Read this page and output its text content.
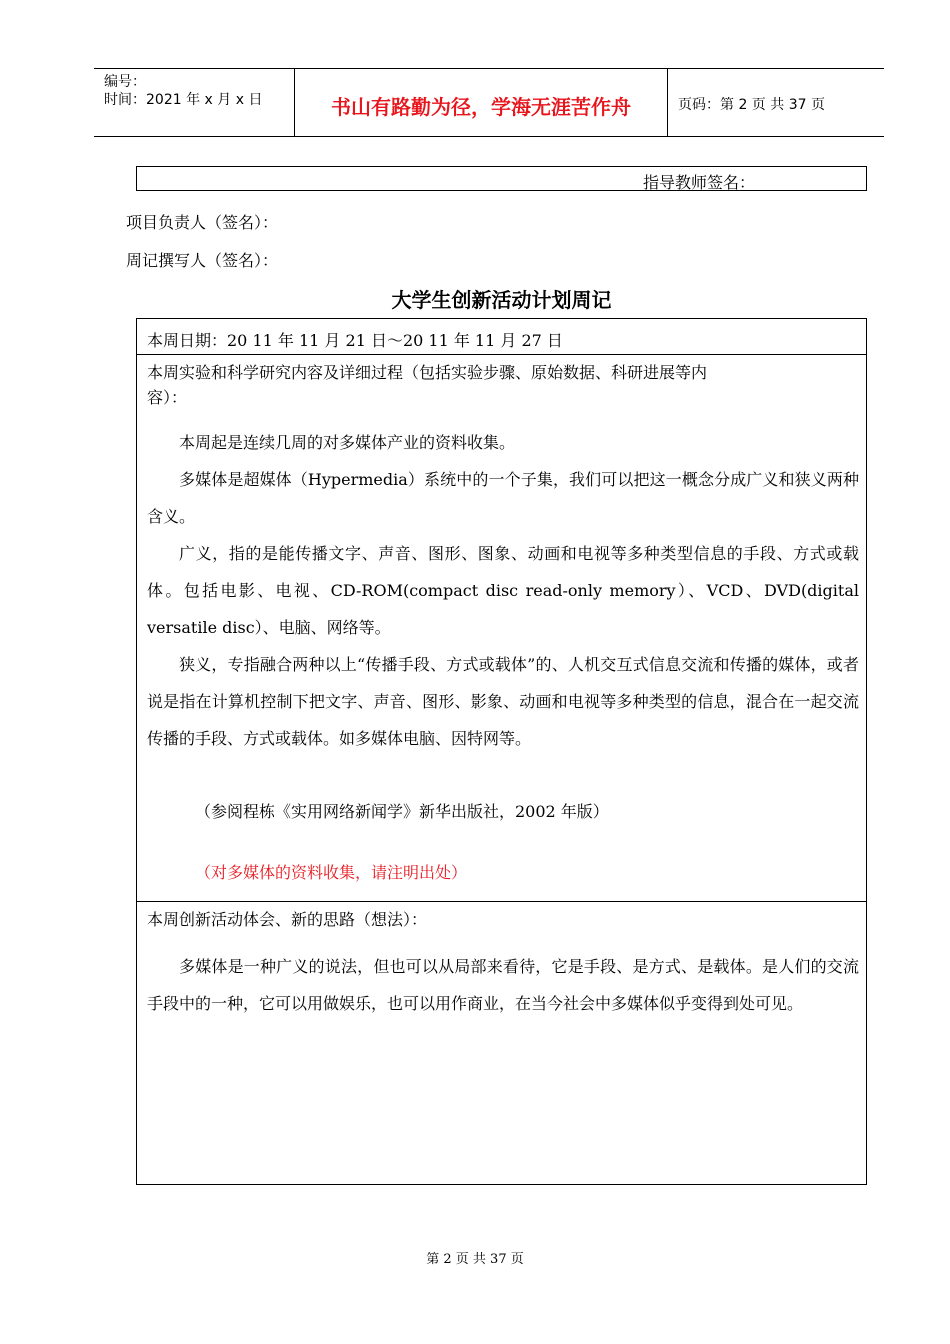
编号：
时间：2021 年 x 月 x 日	书山有路勤为径，学海无涯苦作舟	页码：第 2 页 共 37 页
指导教师签名：
项目负责人（签名）：
周记撰写人（签名）：
大学生创新活动计划周记
本周日期：20 11 年 11 月 21 日～20 11 年 11 月 27 日
本周实验和科学研究内容及详细过程（包括实验步骤、原始数据、科研进展等内
容）：

本周起是连续几周的对多媒体产业的资料收集。

多媒体是超媒体（Hypermedia）系统中的一个子集，我们可以把这一概念分成广义和狭义两种含义。

广义，指的是能传播文字、声音、图形、图象、动画和电视等多种类型信息的手段、方式或载体。包括电影、电视、CD-ROM(compact disc read-only memory）、VCD、DVD(digital versatile disc）、电脑、网络等。

狭义，专指融合两种以上“传播手段、方式或载体”的、人机交互式信息交流和传播的媒体，或者说是指在计算机控制下把文字、声音、图形、影象、动画和电视等多种类型的信息，混合在一起交流传播的手段、方式或载体。如多媒体电脑、因特网等。

（参阅程栋《实用网络新闻学》新华出版社，2002 年版）

（对多媒体的资料收集，请注明出处）

本周创新活动体会、新的思路（想法）：

多媒体是一种广义的说法，但也可以从局部来看待，它是手段、是方式、是载体。是人们的交流手段中的一种，它可以用做娱乐，也可以用作商业，在当今社会中多媒体似乎变得到处可见。

第 2 页 共 37 页
